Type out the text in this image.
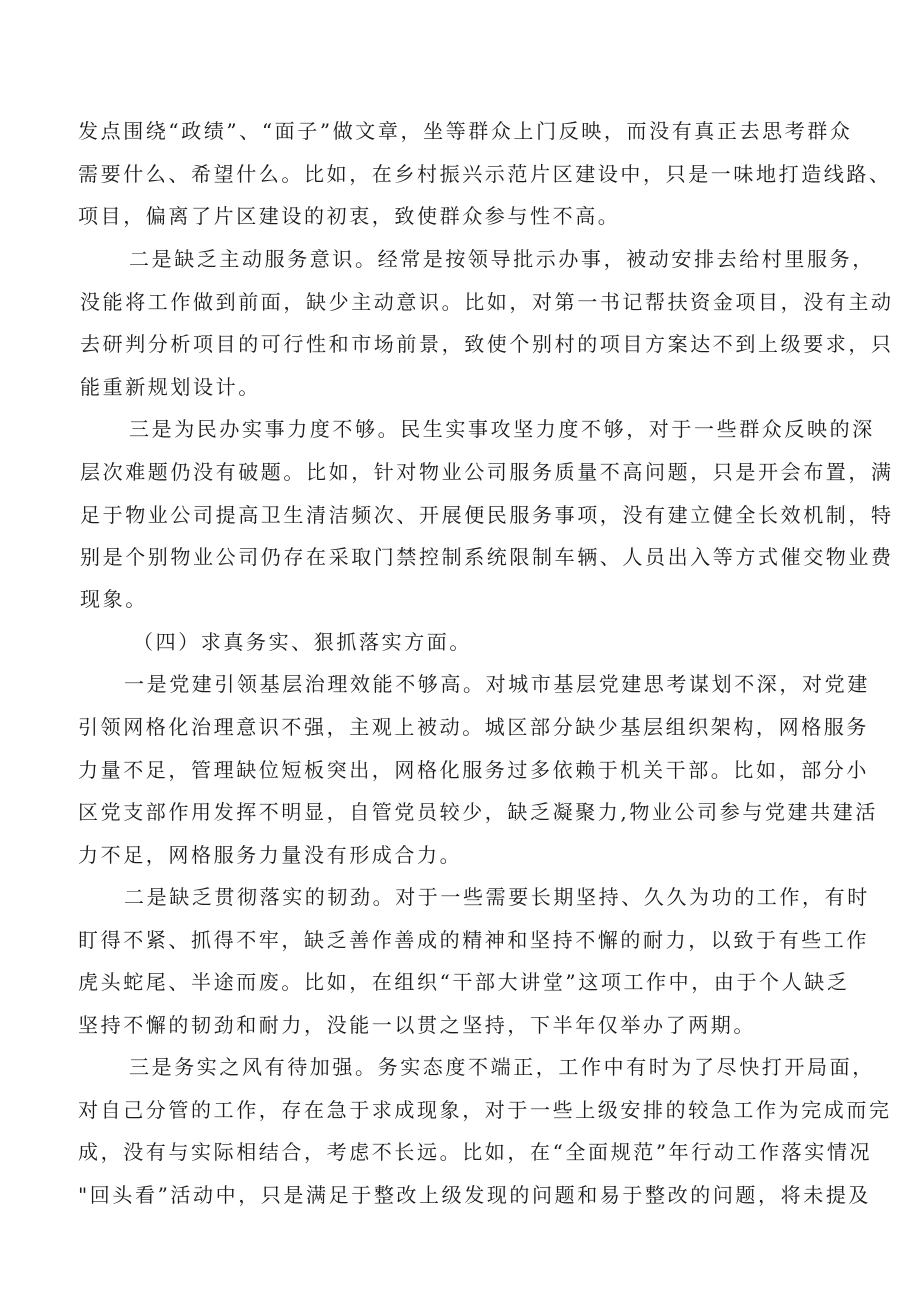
发点围绕“政绩”、“面子”做文章，坐等群众上门反映，而没有真正去思考群众
需要什么、希望什么。比如，在乡村振兴示范片区建设中，只是一味地打造线路、
项目，偏离了片区建设的初衷，致使群众参与性不高。
二是缺乏主动服务意识。经常是按领导批示办事，被动安排去给村里服务，
没能将工作做到前面，缺少主动意识。比如，对第一书记帮扶资金项目，没有主动
去研判分析项目的可行性和市场前景，致使个别村的项目方案达不到上级要求，只
能重新规划设计。
三是为民办实事力度不够。民生实事攻坚力度不够，对于一些群众反映的深
层次难题仍没有破题。比如，针对物业公司服务质量不高问题，只是开会布置，满
足于物业公司提高卫生清洁频次、开展便民服务事项，没有建立健全长效机制，特
别是个别物业公司仍存在采取门禁控制系统限制车辆、人员出入等方式催交物业费
现象。
（四）求真务实、狠抓落实方面。
一是党建引领基层治理效能不够高。对城市基层党建思考谋划不深，对党建
引领网格化治理意识不强，主观上被动。城区部分缺少基层组织架构，网格服务
力量不足，管理缺位短板突出，网格化服务过多依赖于机关干部。比如，部分小
区党支部作用发挥不明显，自管党员较少，缺乏凝聚力,物业公司参与党建共建活
力不足，网格服务力量没有形成合力。
二是缺乏贯彻落实的韧劲。对于一些需要长期坚持、久久为功的工作，有时
盯得不紧、抓得不牢，缺乏善作善成的精神和坚持不懈的耐力，以致于有些工作
虎头蛇尾、半途而废。比如，在组织“干部大讲堂”这项工作中，由于个人缺乏
坚持不懈的韧劲和耐力，没能一以贯之坚持，下半年仅举办了两期。
三是务实之风有待加强。务实态度不端正，工作中有时为了尽快打开局面，
对自己分管的工作，存在急于求成现象，对于一些上级安排的较急工作为完成而完
成，没有与实际相结合，考虑不长远。比如，在“全面规范”年行动工作落实情况
"回头看”活动中，只是满足于整改上级发现的问题和易于整改的问题，将未提及
